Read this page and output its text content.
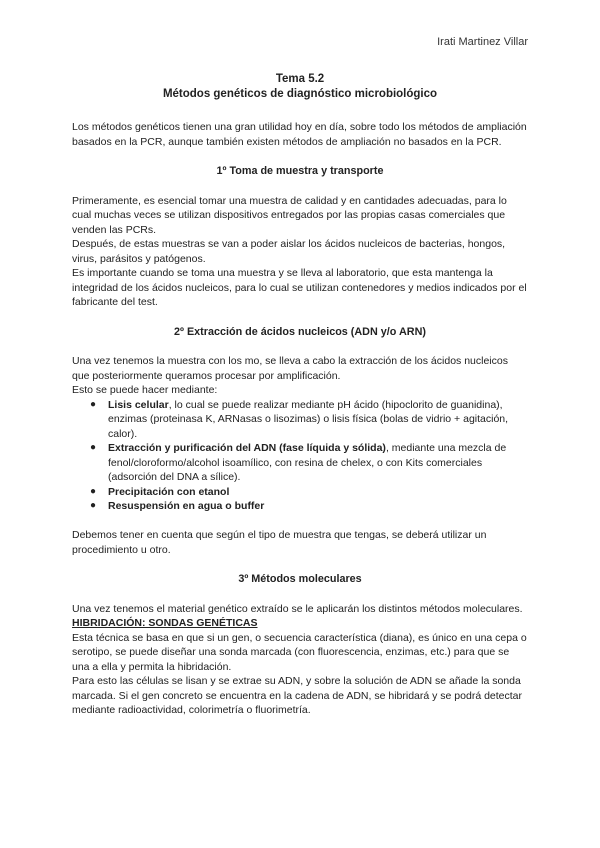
Irati Martinez Villar
Tema 5.2
Métodos genéticos de diagnóstico microbiológico

Los métodos genéticos tienen una gran utilidad hoy en día, sobre todo los métodos de ampliación basados en la PCR, aunque también existen métodos de ampliación no basados en la PCR.

1º Toma de muestra y transporte

Primeramente, es esencial tomar una muestra de calidad y en cantidades adecuadas, para lo cual muchas veces se utilizan dispositivos entregados por las propias casas comerciales que venden las PCRs.

Después, de estas muestras se van a poder aislar los ácidos nucleicos de bacterias, hongos, virus, parásitos y patógenos.

Es importante cuando se toma una muestra y se lleva al laboratorio, que esta mantenga la integridad de los ácidos nucleicos, para lo cual se utilizan contenedores y medios indicados por el fabricante del test.

2º Extracción de ácidos nucleicos (ADN y/o ARN)

Una vez tenemos la muestra con los mo, se lleva a cabo la extracción de los ácidos nucleicos que posteriormente queramos procesar por amplificación.

Esto se puede hacer mediante:

● Lisis celular, lo cual se puede realizar mediante pH ácido (hipoclorito de guanidina), enzimas (proteinasa K, ARNasas o lisozimas) o lisis física (bolas de vidrio + agitación, calor).
● Extracción y purificación del ADN (fase líquida y sólida), mediante una mezcla de fenol/cloroformo/alcohol isoamílico, con resina de chelex, o con Kits comerciales (adsorción del DNA a sílice).
● Precipitación con etanol
● Resuspensión en agua o buffer

Debemos tener en cuenta que según el tipo de muestra que tengas, se deberá utilizar un procedimiento u otro.

3º Métodos moleculares

Una vez tenemos el material genético extraído se le aplicarán los distintos métodos moleculares.

HIBRIDACIÓN: SONDAS GENÉTICAS

Esta técnica se basa en que si un gen, o secuencia característica (diana), es único en una cepa o serotipo, se puede diseñar una sonda marcada (con fluorescencia, enzimas, etc.) para que se una a ella y permita la hibridación.

Para esto las células se lisan y se extrae su ADN, y sobre la solución de ADN se añade la sonda marcada. Si el gen concreto se encuentra en la cadena de ADN, se hibridará y se podrá detectar mediante radioactividad, colorimetría o fluorimetría.
